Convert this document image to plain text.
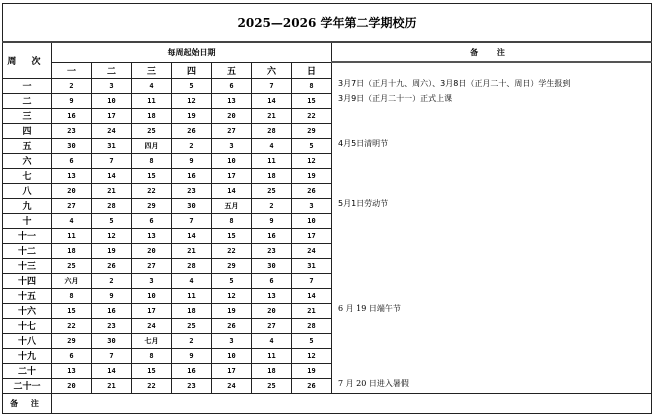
2025—2026 学年第二学期校历								
周 次	每周起始日期							备 注
一	二	三	四	五	六	日	
3月7日（正月十九、周六）、3月8日（正月二十、周日）学生报到
3月9日（正月二十一）正式上课
4月5日清明节
5月1日劳动节
6 月 19 日端午节
7 月 20 日进入暑假

一	2	3	4	5	6	7	8	
二	9	10	11	12	13	14	15	
三	16	17	18	19	20	21	22	
四	23	24	25	26	27	28	29	
五	30	31	四月	2	3	4	5	
六	6	7	8	9	10	11	12	
七	13	14	15	16	17	18	19	
八	20	21	22	23	14	25	26	
九	27	28	29	30	五月	2	3	
十	4	5	6	7	8	9	10	
十一	11	12	13	14	15	16	17	
十二	18	19	20	21	22	23	24	
十三	25	26	27	28	29	30	31	
十四	六月	2	3	4	5	6	7	
十五	8	9	10	11	12	13	14	
十六	15	16	17	18	19	20	21	
十七	22	23	24	25	26	27	28	
十八	29	30	七月	2	3	4	5	
十九	6	7	8	9	10	11	12	
二十	13	14	15	16	17	18	19	
二十一	20	21	22	23	24	25	26	
备 注								
